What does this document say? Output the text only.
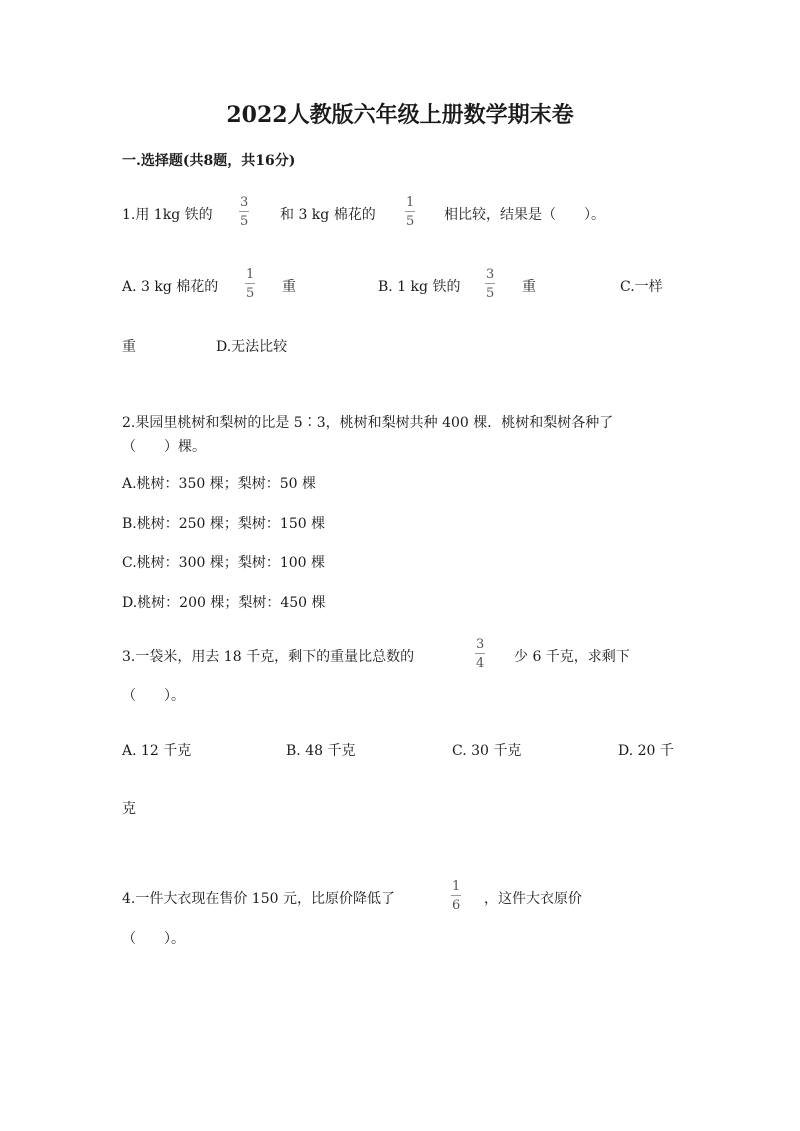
2022人教版六年级上册数学期末卷
一.选择题(共8题，共16分)
1.用 1kg 铁的 $\frac{3}{5}$ 和 3 kg 棉花的 $\frac{1}{5}$ 相比较，结果是（　　）。
A. 3 kg 棉花的 $\frac{1}{5}$ 重	B. 1 kg 铁的 $\frac{3}{5}$ 重	C.一样
重	D.无法比较
2.果园里桃树和梨树的比是 5∶3，桃树和梨树共种 400 棵．桃树和梨树各种了
（　　）棵。
A.桃树：350 棵；梨树：50 棵
B.桃树：250 棵；梨树：150 棵
C.桃树：300 棵；梨树：100 棵
D.桃树：200 棵；梨树：450 棵
3.一袋米，用去 18 千克，剩下的重量比总数的	$\frac{3}{4}$ 少 6 千克，求剩下
（　　）。
A. 12 千克	B. 48 千克	C. 30 千克	D. 20 千
克
4.一件大衣现在售价 150 元，比原价降低了	$\frac{1}{6}$ ，这件大衣原价
（　　）。
